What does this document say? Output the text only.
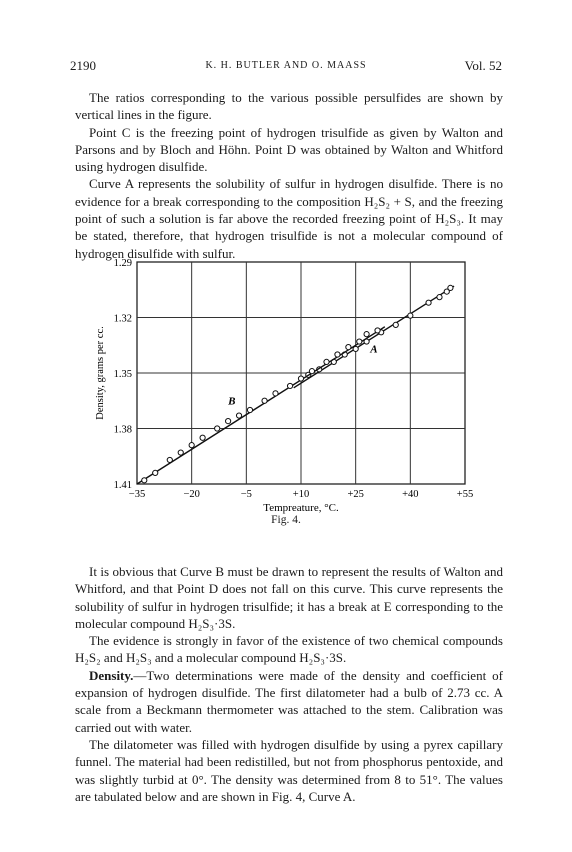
2190	K. H. BUTLER AND O. MAASS	Vol. 52

The ratios corresponding to the various possible persulfides are shown by vertical lines in the figure.

Point C is the freezing point of hydrogen trisulfide as given by Walton and Parsons and by Bloch and Höhn. Point D was obtained by Walton and Whitford using hydrogen disulfide.

Curve A represents the solubility of sulfur in hydrogen disulfide. There is no evidence for a break corresponding to the composition H₂S₂ + S, and the freezing point of such a solution is far above the recorded freezing point of H₂S₃. It may be stated, therefore, that hydrogen trisulfide is not a molecular compound of hydrogen disulfide with sulfur.

−35	−20	−5	+10	+25	+40	+55
1.29
1.32
1.35
1.38
1.41
Tempreature, °C.
Density, grams per cc.	A
B
Fig. 4.

It is obvious that Curve B must be drawn to represent the results of Walton and Whitford, and that Point D does not fall on this curve. This curve represents the solubility of sulfur in hydrogen trisulfide; it has a break at E corresponding to the molecular compound H₂S₃·3S.

The evidence is strongly in favor of the existence of two chemical compounds H₂S₂ and H₂S₃ and a molecular compound H₂S₃·3S.

Density.—Two determinations were made of the density and coefficient of expansion of hydrogen disulfide. The first dilatometer had a bulb of 2.73 cc. A scale from a Beckmann thermometer was attached to the stem. Calibration was carried out with water.

The dilatometer was filled with hydrogen disulfide by using a pyrex capillary funnel. The material had been redistilled, but not from phosphorus pentoxide, and was slightly turbid at 0°. The density was determined from 8 to 51°. The values are tabulated below and are shown in Fig. 4, Curve A.
